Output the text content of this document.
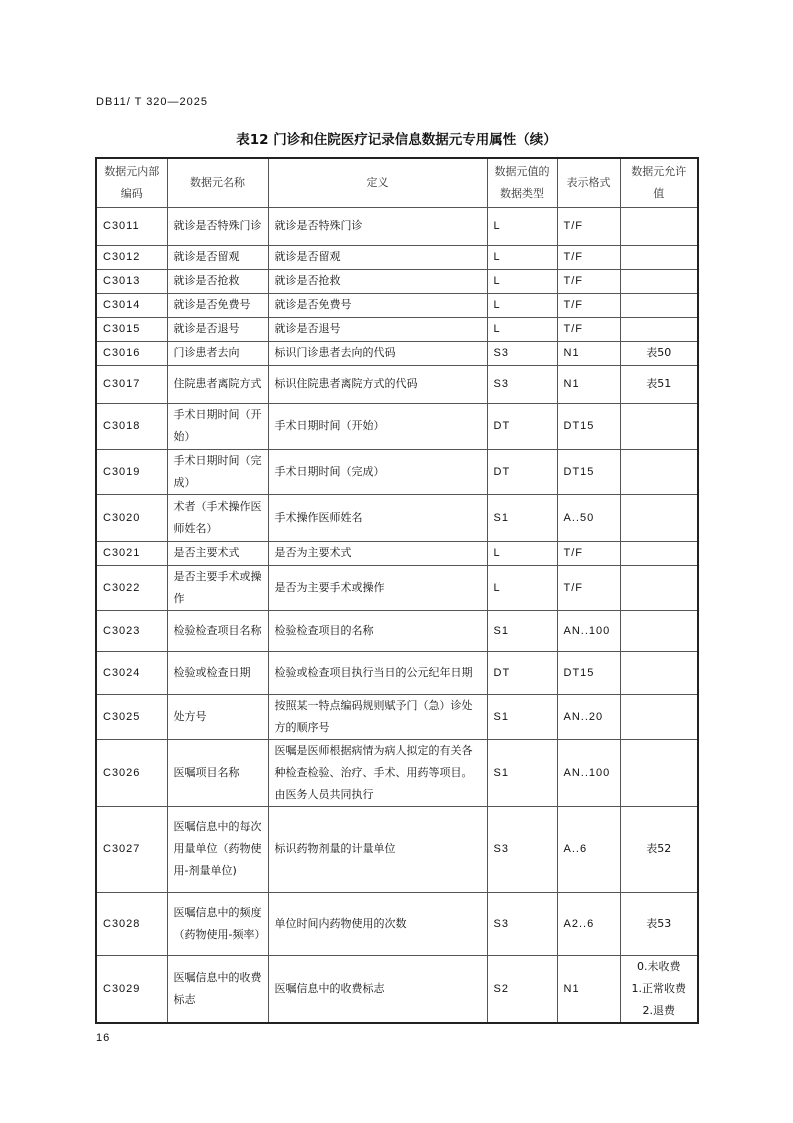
DB11/ T 320—2025
表12 门诊和住院医疗记录信息数据元专用属性（续）
数据元内部编码	数据元名称	定义	数据元值的数据类型	表示格式	数据元允许值
C3011	就诊是否特殊门诊	就诊是否特殊门诊	L	T/F	
C3012	就诊是否留观	就诊是否留观	L	T/F	
C3013	就诊是否抢救	就诊是否抢救	L	T/F	
C3014	就诊是否免费号	就诊是否免费号	L	T/F	
C3015	就诊是否退号	就诊是否退号	L	T/F	
C3016	门诊患者去向	标识门诊患者去向的代码	S3	N1	表50
C3017	住院患者离院方式	标识住院患者离院方式的代码	S3	N1	表51
C3018	手术日期时间（开始）	手术日期时间（开始）	DT	DT15	
C3019	手术日期时间（完成）	手术日期时间（完成）	DT	DT15	
C3020	术者（手术操作医师姓名）	手术操作医师姓名	S1	A..50	
C3021	是否主要术式	是否为主要术式	L	T/F	
C3022	是否主要手术或操作	是否为主要手术或操作	L	T/F	
C3023	检验检查项目名称	检验检查项目的名称	S1	AN..100	
C3024	检验或检查日期	检验或检查项目执行当日的公元纪年日期	DT	DT15	
C3025	处方号	按照某一特点编码规则赋予门（急）诊处方的顺序号	S1	AN..20	
C3026	医嘱项目名称	医嘱是医师根据病情为病人拟定的有关各种检查检验、治疗、手术、用药等项目。由医务人员共同执行	S1	AN..100	
C3027	医嘱信息中的每次用量单位（药物使用-剂量单位)	标识药物剂量的计量单位	S3	A..6	表52
C3028	医嘱信息中的频度（药物使用-频率）	单位时间内药物使用的次数	S3	A2..6	表53
C3029	医嘱信息中的收费标志	医嘱信息中的收费标志	S2	N1	0.未收费
1.正常收费
2.退费
16
